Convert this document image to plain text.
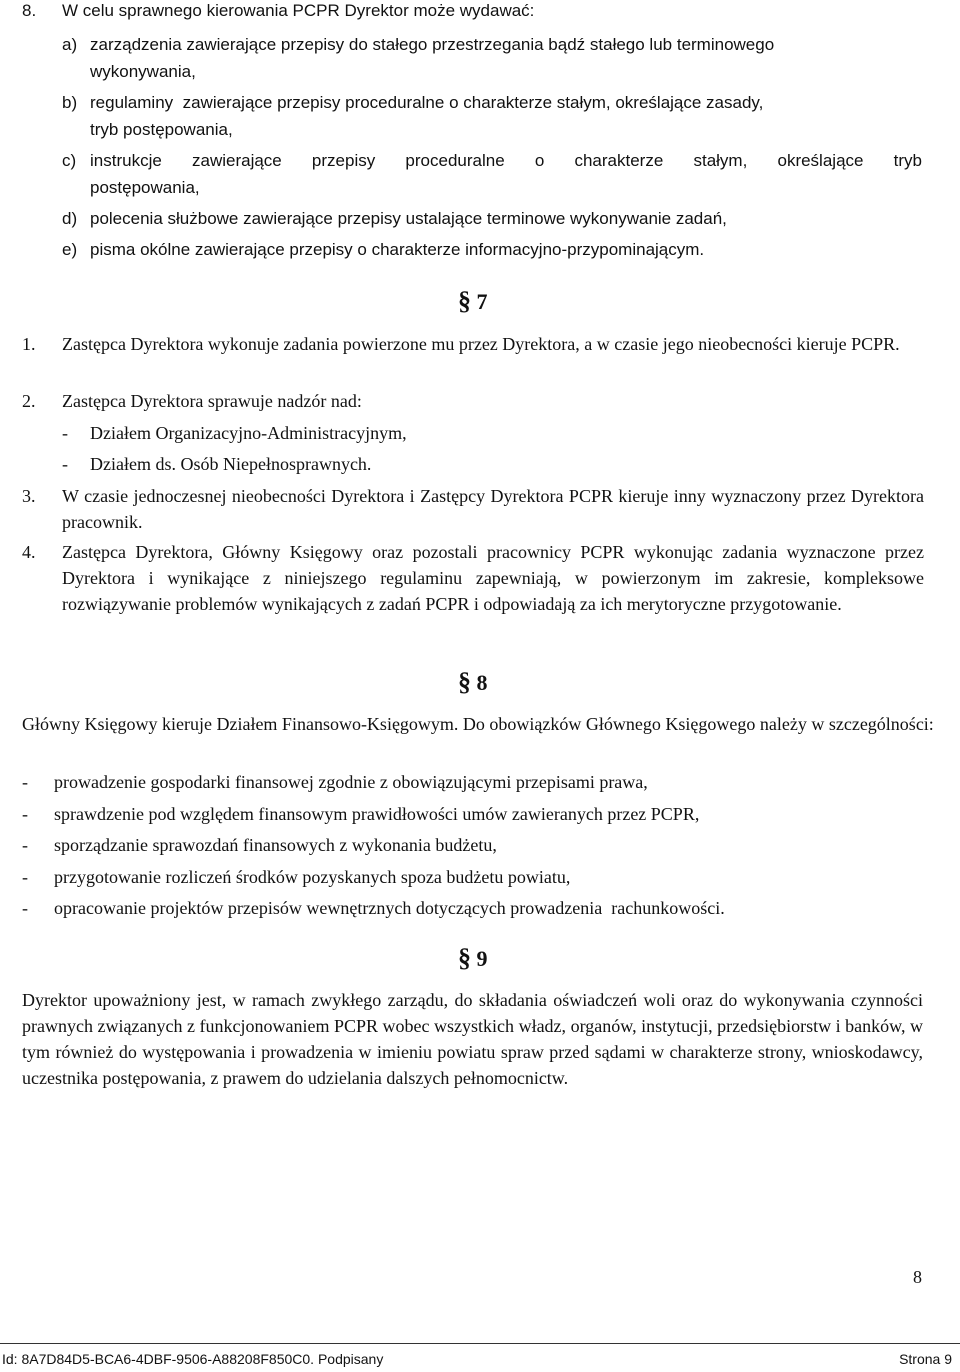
8. W celu sprawnego kierowania PCPR Dyrektor może wydawać:
a) zarządzenia zawierające przepisy do stałego przestrzegania bądź stałego lub terminowego
wykonywania,
b) regulaminy  zawierające przepisy proceduralne o charakterze stałym, określające zasady,
tryb postępowania,
c) instrukcje zawierające przepisy proceduralne o charakterze stałym, określające tryb
postępowania,
d) polecenia służbowe zawierające przepisy ustalające terminowe wykonywanie zadań,
e) pisma okólne zawierające przepisy o charakterze informacyjno-przypominającym.
§ 7
1. Zastępca Dyrektora wykonuje zadania powierzone mu przez Dyrektora, a w czasie jego nieobecności kieruje PCPR.
2. Zastępca Dyrektora sprawuje nadzór nad:
- Działem Organizacyjno-Administracyjnym,
- Działem ds. Osób Niepełnosprawnych.
3. W czasie jednoczesnej nieobecności Dyrektora i Zastępcy Dyrektora PCPR kieruje inny wyznaczony przez Dyrektora pracownik.
4. Zastępca Dyrektora, Główny Księgowy oraz pozostali pracownicy PCPR wykonując zadania wyznaczone przez Dyrektora i wynikające z niniejszego regulaminu zapewniają, w powierzonym im zakresie, kompleksowe rozwiązywanie problemów wynikających z zadań PCPR i odpowiadają za ich merytoryczne przygotowanie.
§ 8
Główny Księgowy kieruje Działem Finansowo-Księgowym. Do obowiązków Głównego Księgowego należy w szczególności:
- prowadzenie gospodarki finansowej zgodnie z obowiązującymi przepisami prawa,
- sprawdzenie pod względem finansowym prawidłowości umów zawieranych przez PCPR,
- sporządzanie sprawozdań finansowych z wykonania budżetu,
- przygotowanie rozliczeń środków pozyskanych spoza budżetu powiatu,
- opracowanie projektów przepisów wewnętrznych dotyczących prowadzenia  rachunkowości.
§ 9
Dyrektor upoważniony jest, w ramach zwykłego zarządu, do składania oświadczeń woli oraz do wykonywania czynności prawnych związanych z funkcjonowaniem PCPR wobec wszystkich władz, organów, instytucji, przedsiębiorstw i banków, w tym również do występowania i prowadzenia w imieniu powiatu spraw przed sądami w charakterze strony, wnioskodawcy, uczestnika postępowania, z prawem do udzielania dalszych pełnomocnictw.
8
Id: 8A7D84D5-BCA6-4DBF-9506-A88208F850C0. Podpisany	Strona 9
